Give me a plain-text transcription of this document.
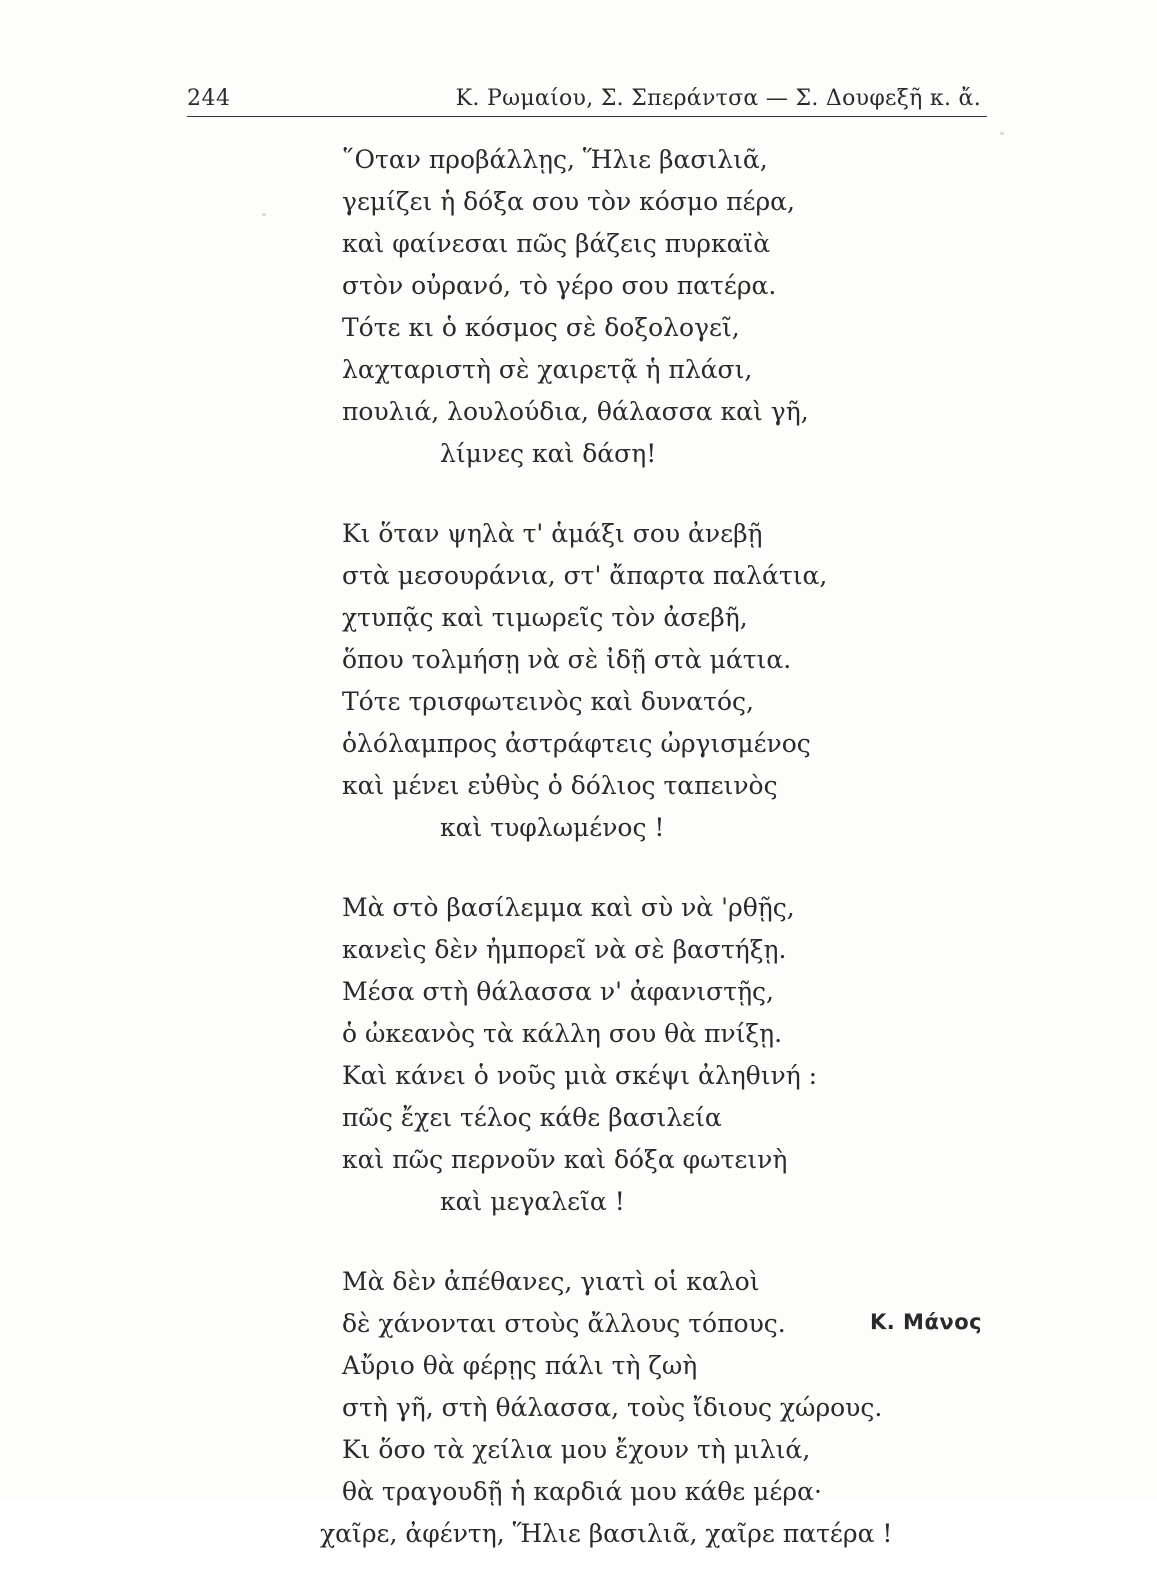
244	Κ. Ρωμαίου, Σ. Σπεράντσα — Σ. Δουφεξῆ κ. ἄ.
῞Οταν προβάλλῃς, Ἥλιε βασιλιᾶ,
γεμίζει ἡ δόξα σου τὸν κόσμο πέρα,
καὶ φαίνεσαι πῶς βάζεις πυρκαϊὰ
στὸν οὐρανό, τὸ γέρο σου πατέρα.
Τότε κι ὁ κόσμος σὲ δοξολογεῖ,
λαχταριστὴ σὲ χαιρετᾷ ἡ πλάσι,
πουλιά, λουλούδια, θάλασσα καὶ γῆ,
λίμνες καὶ δάση!
Κι ὅταν ψηλὰ τ' ἁμάξι σου ἀνεβῇ
στὰ μεσουράνια, στ' ἄπαρτα παλάτια,
χτυπᾷς καὶ τιμωρεῖς τὸν ἀσεβῆ,
ὅπου τολμήσῃ νὰ σὲ ἰδῇ στὰ μάτια.
Τότε τρισφωτεινὸς καὶ δυνατός,
ὁλόλαμπρος ἀστράφτεις ὠργισμένος
καὶ μένει εὐθὺς ὁ δόλιος ταπεινὸς
καὶ τυφλωμένος !
Μὰ στὸ βασίλεμμα καὶ σὺ νὰ 'ρθῇς,
κανεὶς δὲν ἠμπορεῖ νὰ σὲ βαστήξῃ.
Μέσα στὴ θάλασσα ν' ἀφανιστῇς,
ὁ ὠκεανὸς τὰ κάλλη σου θὰ πνίξῃ.
Καὶ κάνει ὁ νοῦς μιὰ σκέψι ἀληθινή :
πῶς ἔχει τέλος κάθε βασιλεία
καὶ πῶς περνοῦν καὶ δόξα φωτεινὴ
καὶ μεγαλεῖα !
Μὰ δὲν ἀπέθανες, γιατὶ οἱ καλοὶ
δὲ χάνονται στοὺς ἄλλους τόπους.
Αὔριο θὰ φέρῃς πάλι τὴ ζωὴ
στὴ γῆ, στὴ θάλασσα, τοὺς ἴδιους χώρους.
Κι ὅσο τὰ χείλια μου ἔχουν τὴ μιλιά,
θὰ τραγουδῇ ἡ καρδιά μου κάθε μέρα·
χαῖρε, ἀφέντη, Ἥλιε βασιλιᾶ, χαῖρε πατέρα !
Κ. Μάνος
